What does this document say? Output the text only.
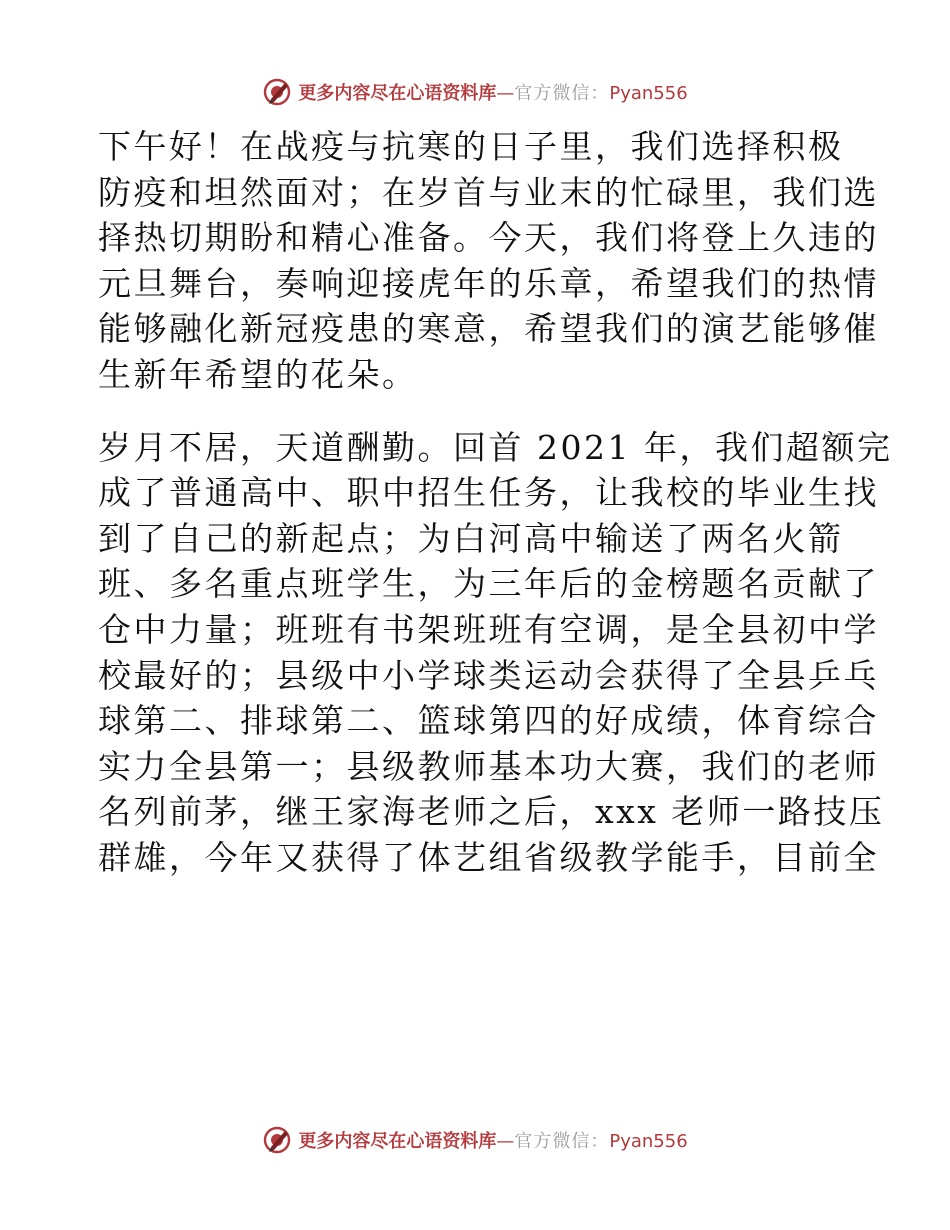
更多内容尽在心语资料库—官方微信：Pyan556

下午好！在战疫与抗寒的日子里，我们选择积极

防疫和坦然面对；在岁首与业末的忙碌里，我们选

择热切期盼和精心准备。今天，我们将登上久违的

元旦舞台，奏响迎接虎年的乐章，希望我们的热情

能够融化新冠疫患的寒意，希望我们的演艺能够催

生新年希望的花朵。

岁月不居，天道酬勤。回首 2021 年，我们超额完

成了普通高中、职中招生任务，让我校的毕业生找

到了自己的新起点；为白河高中输送了两名火箭

班、多名重点班学生，为三年后的金榜题名贡献了

仓中力量；班班有书架班班有空调，是全县初中学

校最好的；县级中小学球类运动会获得了全县乒乓

球第二、排球第二、篮球第四的好成绩，体育综合

实力全县第一；县级教师基本功大赛，我们的老师

名列前茅，继王家海老师之后，xxx 老师一路技压

群雄，今年又获得了体艺组省级教学能手，目前全

更多内容尽在心语资料库—官方微信：Pyan556
